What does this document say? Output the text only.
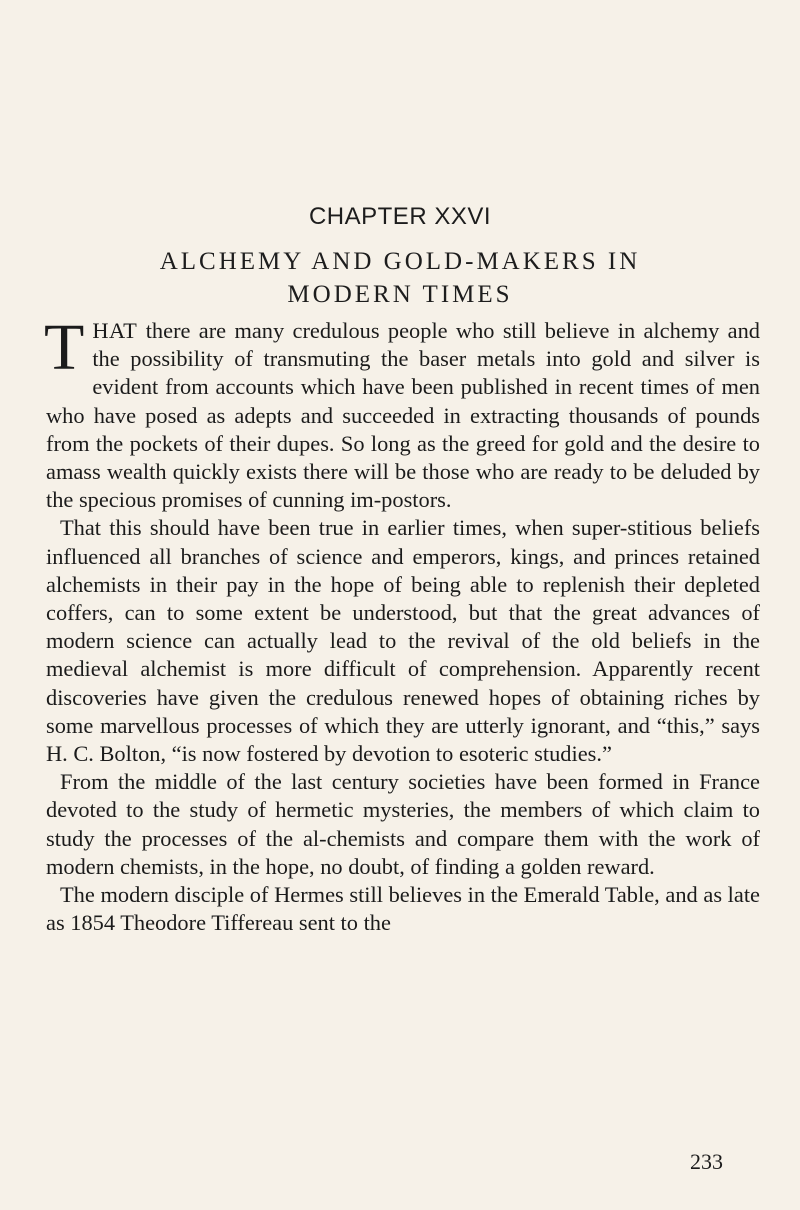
CHAPTER XXVI
ALCHEMY AND GOLD-MAKERS IN
MODERN TIMES

THAT there are many credulous people who still believe in alchemy and the possibility of transmuting the baser metals into gold and silver is evident from accounts which have been published in recent times of men who have posed as adepts and succeeded in extracting thousands of pounds from the pockets of their dupes. So long as the greed for gold and the desire to amass wealth quickly exists there will be those who are ready to be deluded by the specious promises of cunning im-postors.

That this should have been true in earlier times, when super-stitious beliefs influenced all branches of science and emperors, kings, and princes retained alchemists in their pay in the hope of being able to replenish their depleted coffers, can to some extent be understood, but that the great advances of modern science can actually lead to the revival of the old beliefs in the medieval alchemist is more difficult of comprehension. Apparently recent discoveries have given the credulous renewed hopes of obtaining riches by some marvellous processes of which they are utterly ignorant, and “this,” says H. C. Bolton, “is now fostered by devotion to esoteric studies.”

From the middle of the last century societies have been formed in France devoted to the study of hermetic mysteries, the members of which claim to study the processes of the al-chemists and compare them with the work of modern chemists, in the hope, no doubt, of finding a golden reward.

The modern disciple of Hermes still believes in the Emerald Table, and as late as 1854 Theodore Tiffereau sent to the

233
